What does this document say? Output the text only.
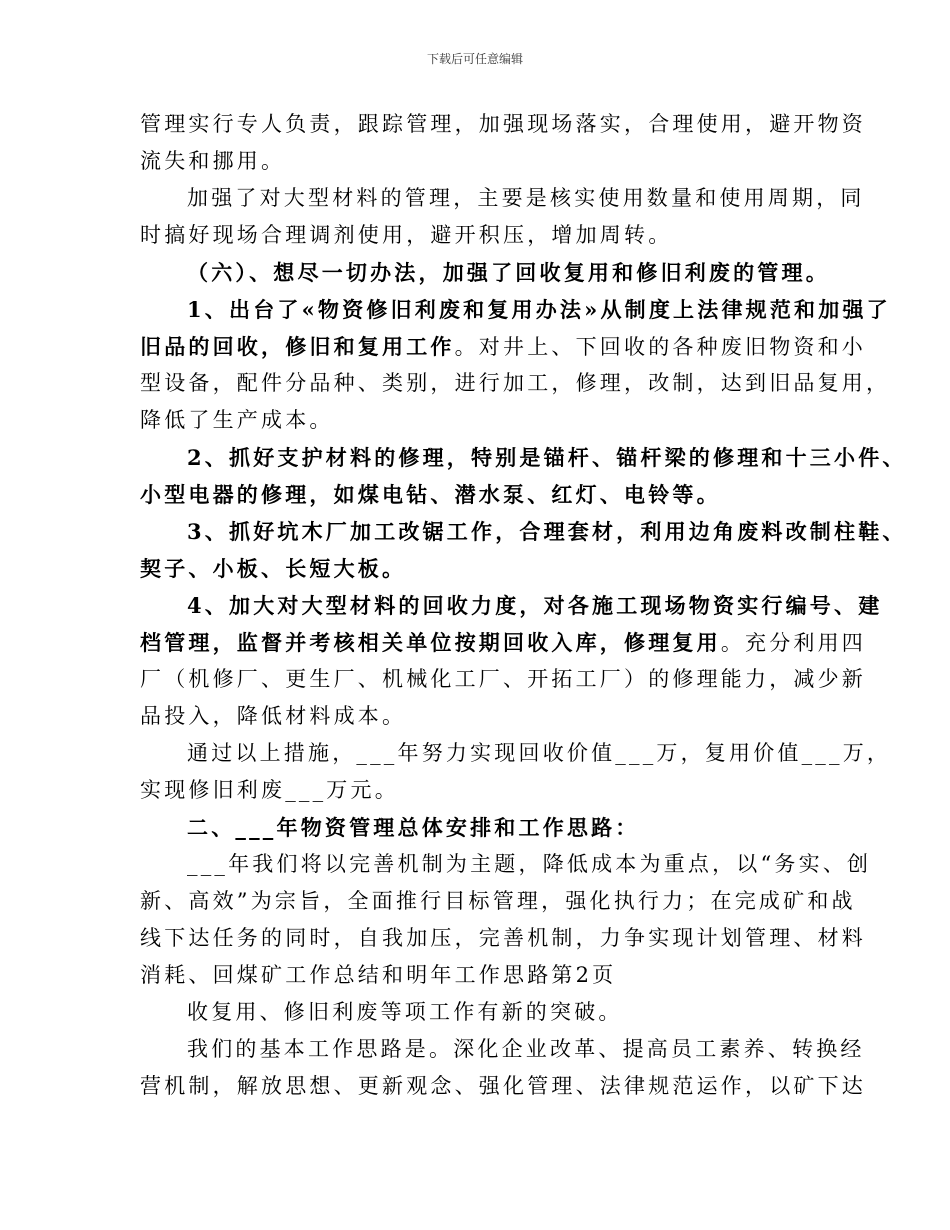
下载后可任意编辑
管理实行专人负责，跟踪管理，加强现场落实，合理使用，避开物资
流失和挪用。
加强了对大型材料的管理，主要是核实使用数量和使用周期，同
时搞好现场合理调剂使用，避开积压，增加周转。
（六）、想尽一切办法，加强了回收复用和修旧利废的管理。
1、出台了«物资修旧利废和复用办法»从制度上法律规范和加强了
旧品的回收，修旧和复用工作。对井上、下回收的各种废旧物资和小
型设备，配件分品种、类别，进行加工，修理，改制，达到旧品复用，
降低了生产成本。
2、抓好支护材料的修理，特别是锚杆、锚杆梁的修理和十三小件、
小型电器的修理，如煤电钻、潜水泵、红灯、电铃等。
3、抓好坑木厂加工改锯工作，合理套材，利用边角废料改制柱鞋、
契子、小板、长短大板。
4、加大对大型材料的回收力度，对各施工现场物资实行编号、建
档管理，监督并考核相关单位按期回收入库，修理复用。充分利用四
厂（机修厂、更生厂、机械化工厂、开拓工厂）的修理能力，减少新
品投入，降低材料成本。
通过以上措施，___年努力实现回收价值___万，复用价值___万，
实现修旧利废___万元。
二、___年物资管理总体安排和工作思路：
___年我们将以完善机制为主题，降低成本为重点，以“务实、创
新、高效”为宗旨，全面推行目标管理，强化执行力；在完成矿和战
线下达任务的同时，自我加压，完善机制，力争实现计划管理、材料
消耗、回煤矿工作总结和明年工作思路第2页
收复用、修旧利废等项工作有新的突破。
我们的基本工作思路是。深化企业改革、提高员工素养、转换经
营机制，解放思想、更新观念、强化管理、法律规范运作，以矿下达
